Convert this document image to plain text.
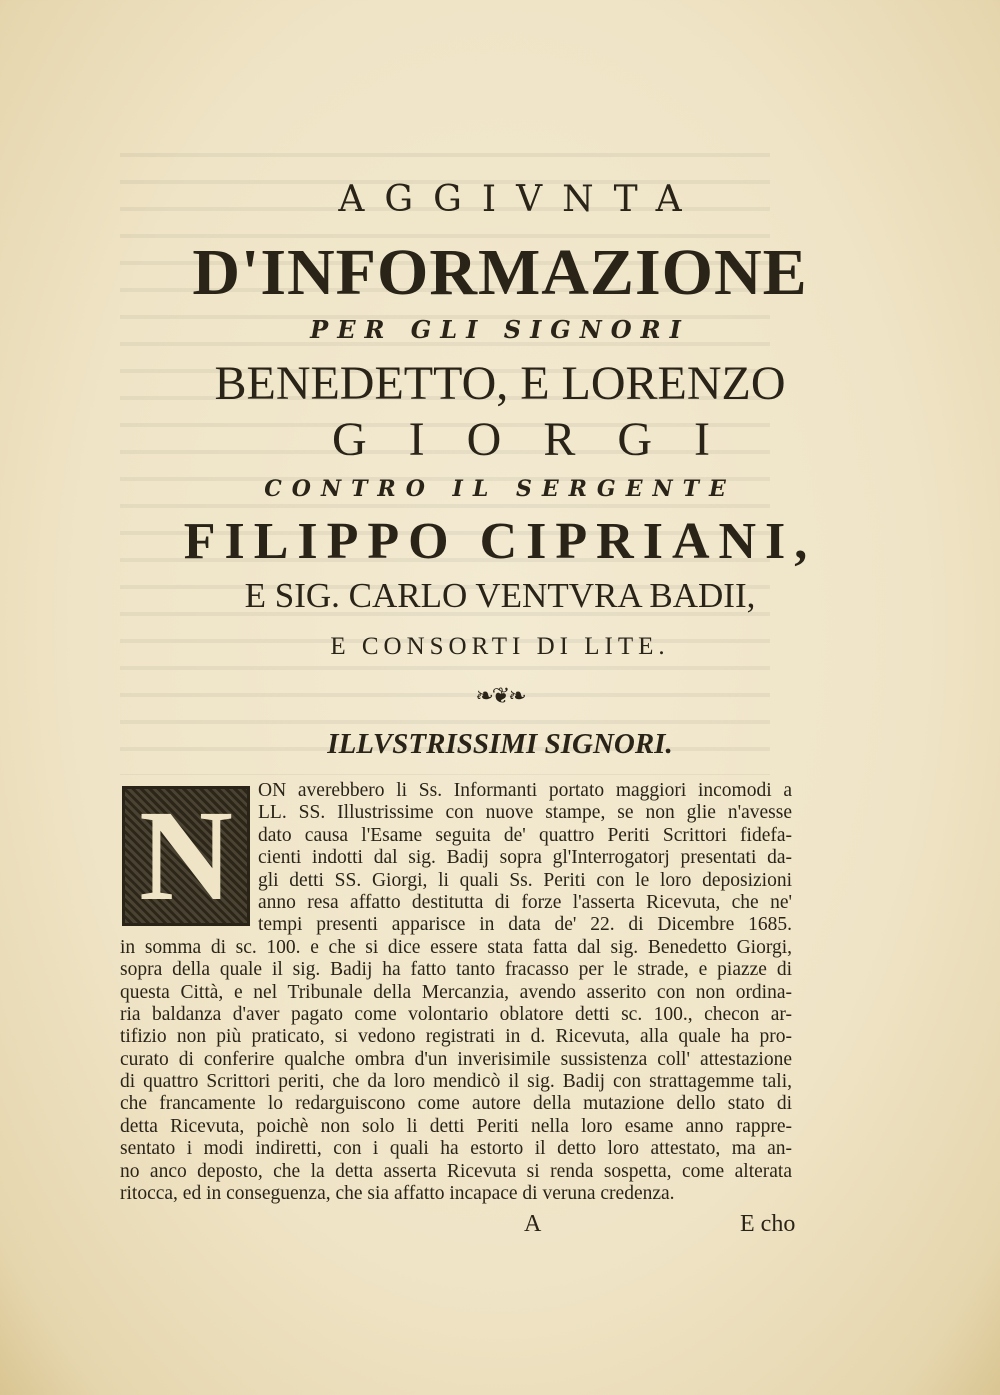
AGGIVNTA
D'INFORMAZIONE
PER GLI SIGNORI
BENEDETTO, E LORENZO
GIORGI
CONTRO IL SERGENTE
FILIPPO CIPRIANI,
E SIG. CARLO VENTVRA BADII,
E CONSORTI DI LITE.
❧❦❧
ILLVSTRISSIMI SIGNORI.
N	ON averebbero li Ss. Informanti portato maggiori incomodi a
LL. SS. Illustrissime con nuove stampe, se non glie n'avesse
dato causa l'Esame seguita de' quattro Periti Scrittori fidefa-
cienti indotti dal sig. Badij sopra gl'Interrogatorj presentati da-
gli detti SS. Giorgi, li quali Ss. Periti con le loro deposizioni
anno resa affatto destitutta di forze l'asserta Ricevuta, che ne'
tempi presenti apparisce in data de' 22. di Dicembre 1685.
in somma di sc. 100. e che si dice essere stata fatta dal sig. Benedetto Giorgi,
sopra della quale il sig. Badij ha fatto tanto fracasso per le strade, e piazze di
questa Città, e nel Tribunale della Mercanzia, avendo asserito con non ordina-
ria baldanza d'aver pagato come volontario oblatore detti sc. 100., checon ar-
tifizio non più praticato, si vedono registrati in d. Ricevuta, alla quale ha pro-
curato di conferire qualche ombra d'un inverisimile sussistenza coll' attestazione
di quattro Scrittori periti, che da loro mendicò il sig. Badij con strattagemme tali,
che francamente lo redarguiscono come autore della mutazione dello stato di
detta Ricevuta, poichè non solo li detti Periti nella loro esame anno rappre-
sentato i modi indiretti, con i quali ha estorto il detto loro attestato, ma an-
no anco deposto, che la detta asserta Ricevuta si renda sospetta, come alterata
ritocca, ed in conseguenza, che sia affatto incapace di veruna credenza.
A	E cho
